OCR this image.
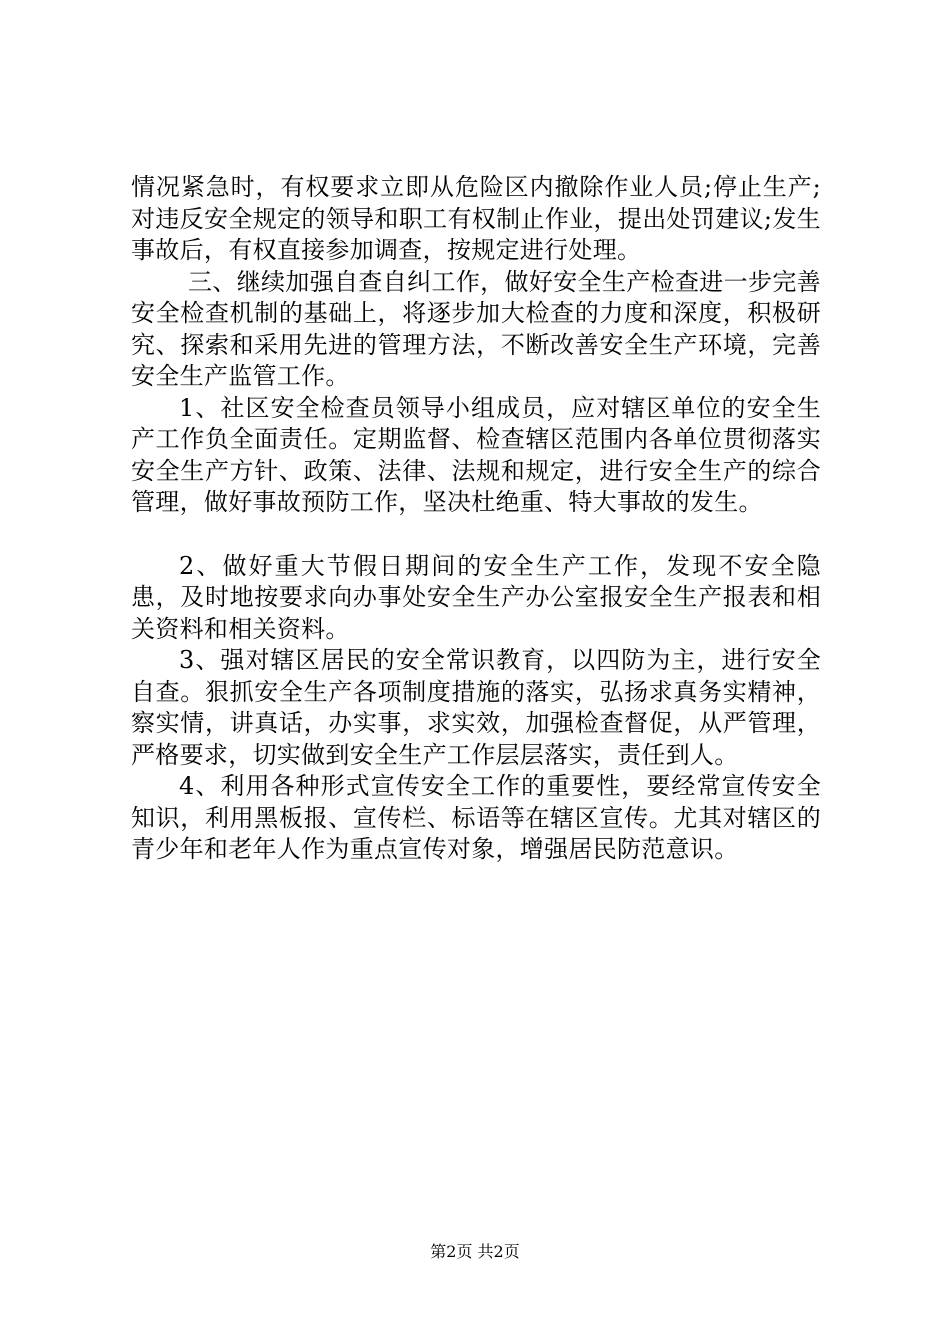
情况紧急时，有权要求立即从危险区内撤除作业人员;停止生产;对违反安全规定的领导和职工有权制止作业，提出处罚建议;发生事故后，有权直接参加调查，按规定进行处理。

三、继续加强自查自纠工作，做好安全生产检查进一步完善安全检查机制的基础上，将逐步加大检查的力度和深度，积极研究、探索和采用先进的管理方法，不断改善安全生产环境，完善安全生产监管工作。

1、社区安全检查员领导小组成员，应对辖区单位的安全生产工作负全面责任。定期监督、检查辖区范围内各单位贯彻落实安全生产方针、政策、法律、法规和规定，进行安全生产的综合管理，做好事故预防工作，坚决杜绝重、特大事故的发生。

2、做好重大节假日期间的安全生产工作，发现不安全隐患，及时地按要求向办事处安全生产办公室报安全生产报表和相关资料和相关资料。

3、强对辖区居民的安全常识教育，以四防为主，进行安全自查。狠抓安全生产各项制度措施的落实，弘扬求真务实精神，察实情，讲真话，办实事，求实效，加强检查督促，从严管理，严格要求，切实做到安全生产工作层层落实，责任到人。

4、利用各种形式宣传安全工作的重要性，要经常宣传安全知识，利用黑板报、宣传栏、标语等在辖区宣传。尤其对辖区的青少年和老年人作为重点宣传对象，增强居民防范意识。

第2页 共2页
